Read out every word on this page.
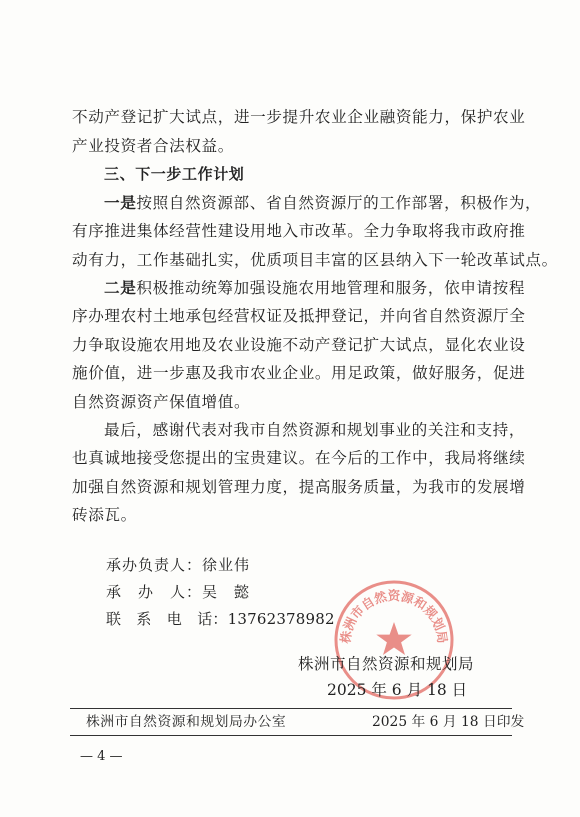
不动产登记扩大试点，进一步提升农业企业融资能力，保护农业
产业投资者合法权益。
三、下一步工作计划
一是按照自然资源部、省自然资源厅的工作部署，积极作为，
有序推进集体经营性建设用地入市改革。全力争取将我市政府推
动有力，工作基础扎实，优质项目丰富的区县纳入下一轮改革试点。
二是积极推动统筹加强设施农用地管理和服务，依申请按程
序办理农村土地承包经营权证及抵押登记，并向省自然资源厅全
力争取设施农用地及农业设施不动产登记扩大试点，显化农业设
施价值，进一步惠及我市农业企业。用足政策，做好服务，促进
自然资源资产保值增值。
最后，感谢代表对我市自然资源和规划事业的关注和支持，
也真诚地接受您提出的宝贵建议。在今后的工作中，我局将继续
加强自然资源和规划管理力度，提高服务质量，为我市的发展增
砖添瓦。
承办负责人：徐业伟
承　办　人：吴　懿
联　系　电　话：13762378982
株洲市自然资源和规划局
株洲市自然资源和规划局
2025 年 6 月 18 日
株洲市自然资源和规划局办公室	2025 年 6 月 18 日印发
— 4 —
